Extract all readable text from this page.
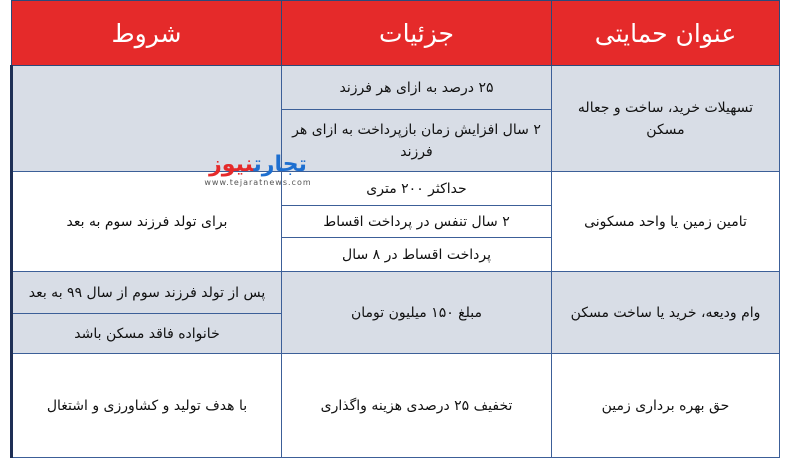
عنوان حمایتی	جزئیات	شروط
تسهیلات خرید، ساخت و جعاله مسکن	۲۵ درصد به ازای هر فرزند	
	۲ سال افزایش زمان بازپرداخت به ازای هر فرزند	
تامین زمین یا واحد مسکونی	حداکثر ۲۰۰ متری	برای تولد فرزند سوم به بعد
	۲ سال تنفس در پرداخت اقساط	
	پرداخت اقساط در ۸ سال	
وام ودیعه، خرید یا ساخت مسکن	مبلغ ۱۵۰ میلیون تومان	پس از تولد فرزند سوم از سال ۹۹ به بعد
		خانواده فاقد مسکن باشد
حق بهره برداری زمین	تخفیف ۲۵ درصدی هزینه واگذاری	با هدف تولید و کشاورزی و اشتغال
تجارتنیوز
www.tejaratnews.com
